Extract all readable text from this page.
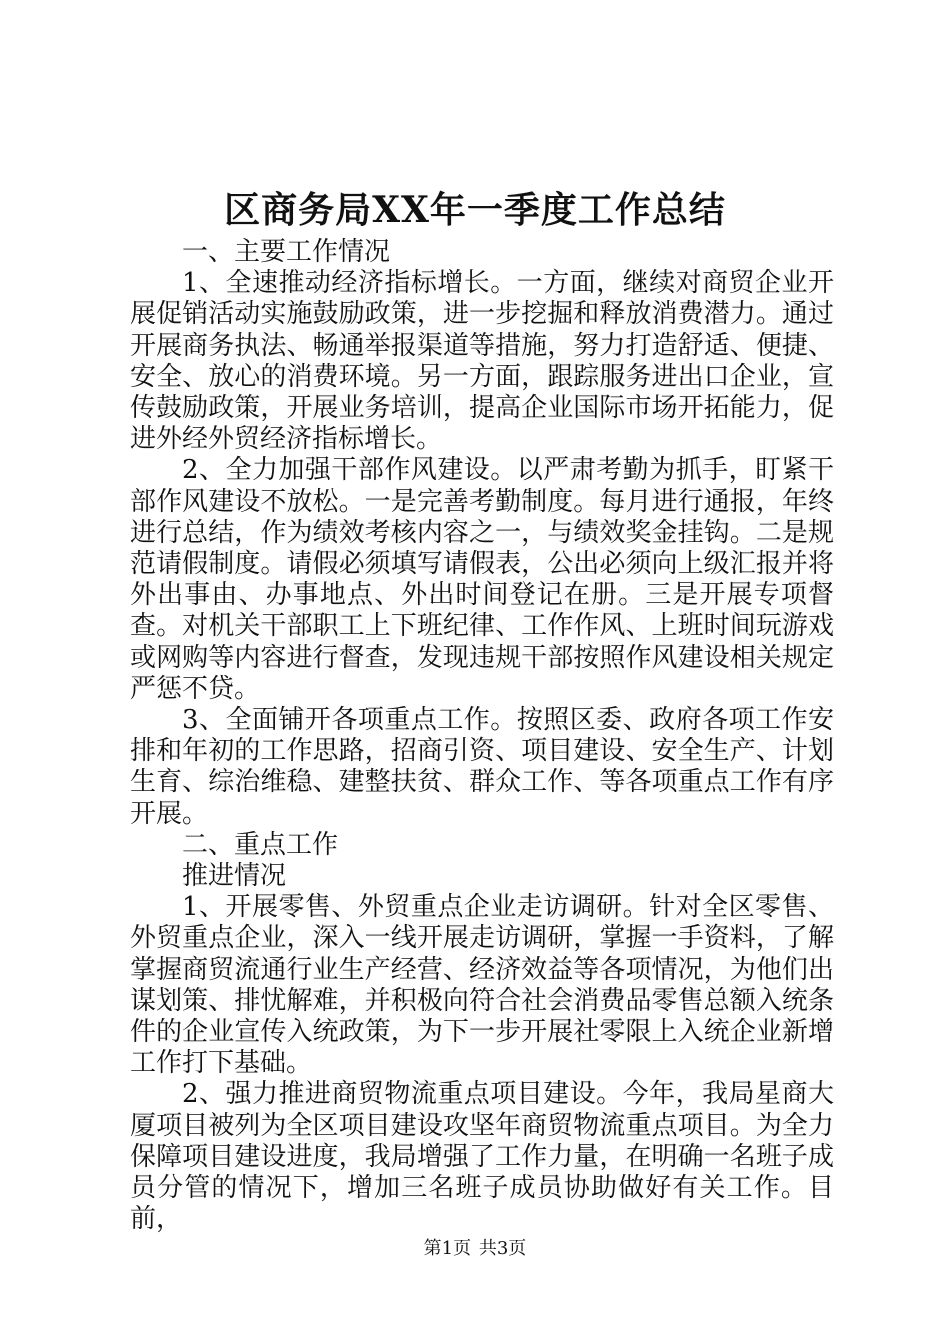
区商务局XX年一季度工作总结

一、主要工作情况

1、全速推动经济指标增长。一方面，继续对商贸企业开展促销活动实施鼓励政策，进一步挖掘和释放消费潜力。通过开展商务执法、畅通举报渠道等措施，努力打造舒适、便捷、安全、放心的消费环境。另一方面，跟踪服务进出口企业，宣传鼓励政策，开展业务培训，提高企业国际市场开拓能力，促进外经外贸经济指标增长。

2、全力加强干部作风建设。以严肃考勤为抓手，盯紧干部作风建设不放松。一是完善考勤制度。每月进行通报，年终进行总结，作为绩效考核内容之一，与绩效奖金挂钩。二是规范请假制度。请假必须填写请假表，公出必须向上级汇报并将外出事由、办事地点、外出时间登记在册。三是开展专项督查。对机关干部职工上下班纪律、工作作风、上班时间玩游戏或网购等内容进行督查，发现违规干部按照作风建设相关规定严惩不贷。

3、全面铺开各项重点工作。按照区委、政府各项工作安排和年初的工作思路，招商引资、项目建设、安全生产、计划生育、综治维稳、建整扶贫、群众工作、等各项重点工作有序开展。

二、重点工作

推进情况

1、开展零售、外贸重点企业走访调研。针对全区零售、外贸重点企业，深入一线开展走访调研，掌握一手资料，了解掌握商贸流通行业生产经营、经济效益等各项情况，为他们出谋划策、排忧解难，并积极向符合社会消费品零售总额入统条件的企业宣传入统政策，为下一步开展社零限上入统企业新增工作打下基础。

2、强力推进商贸物流重点项目建设。今年，我局星商大厦项目被列为全区项目建设攻坚年商贸物流重点项目。为全力保障项目建设进度，我局增强了工作力量，在明确一名班子成员分管的情况下，增加三名班子成员协助做好有关工作。目前，

第1页 共3页
